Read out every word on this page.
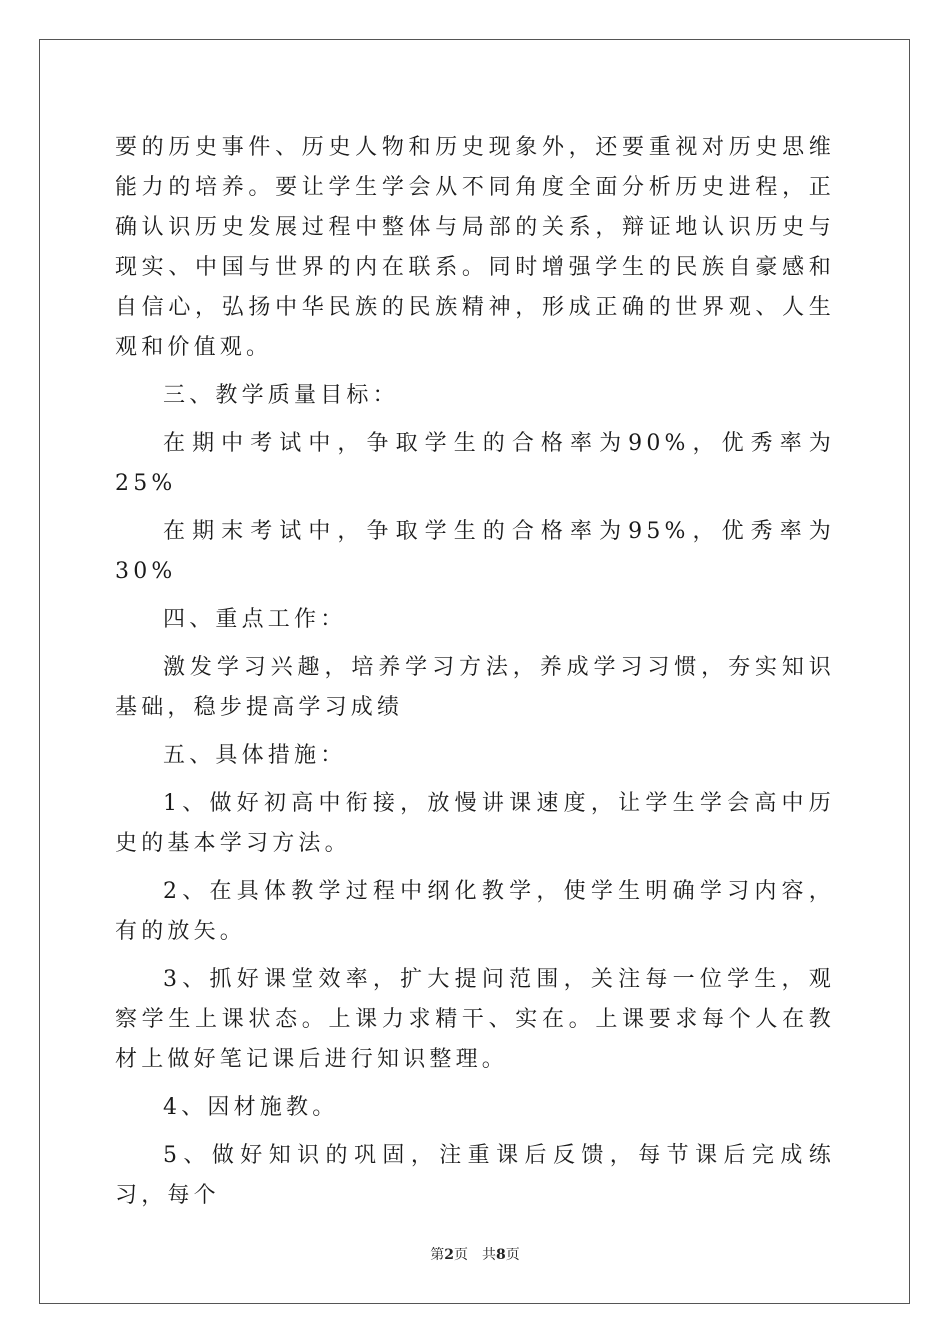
要的历史事件、历史人物和历史现象外，还要重视对历史思维能力的培养。要让学生学会从不同角度全面分析历史进程，正确认识历史发展过程中整体与局部的关系，辩证地认识历史与现实、中国与世界的内在联系。同时增强学生的民族自豪感和自信心，弘扬中华民族的民族精神，形成正确的世界观、人生观和价值观。

三、教学质量目标：

在期中考试中，争取学生的合格率为90%，优秀率为25%

在期末考试中，争取学生的合格率为95%，优秀率为30%

四、重点工作：

激发学习兴趣，培养学习方法，养成学习习惯，夯实知识基础，稳步提高学习成绩

五、具体措施：

1、做好初高中衔接，放慢讲课速度，让学生学会高中历史的基本学习方法。

2、在具体教学过程中纲化教学，使学生明确学习内容，有的放矢。

3、抓好课堂效率，扩大提问范围，关注每一位学生，观察学生上课状态。上课力求精干、实在。上课要求每个人在教材上做好笔记课后进行知识整理。

4、因材施教。

5、做好知识的巩固，注重课后反馈，每节课后完成练习，每个

第2页　共8页
